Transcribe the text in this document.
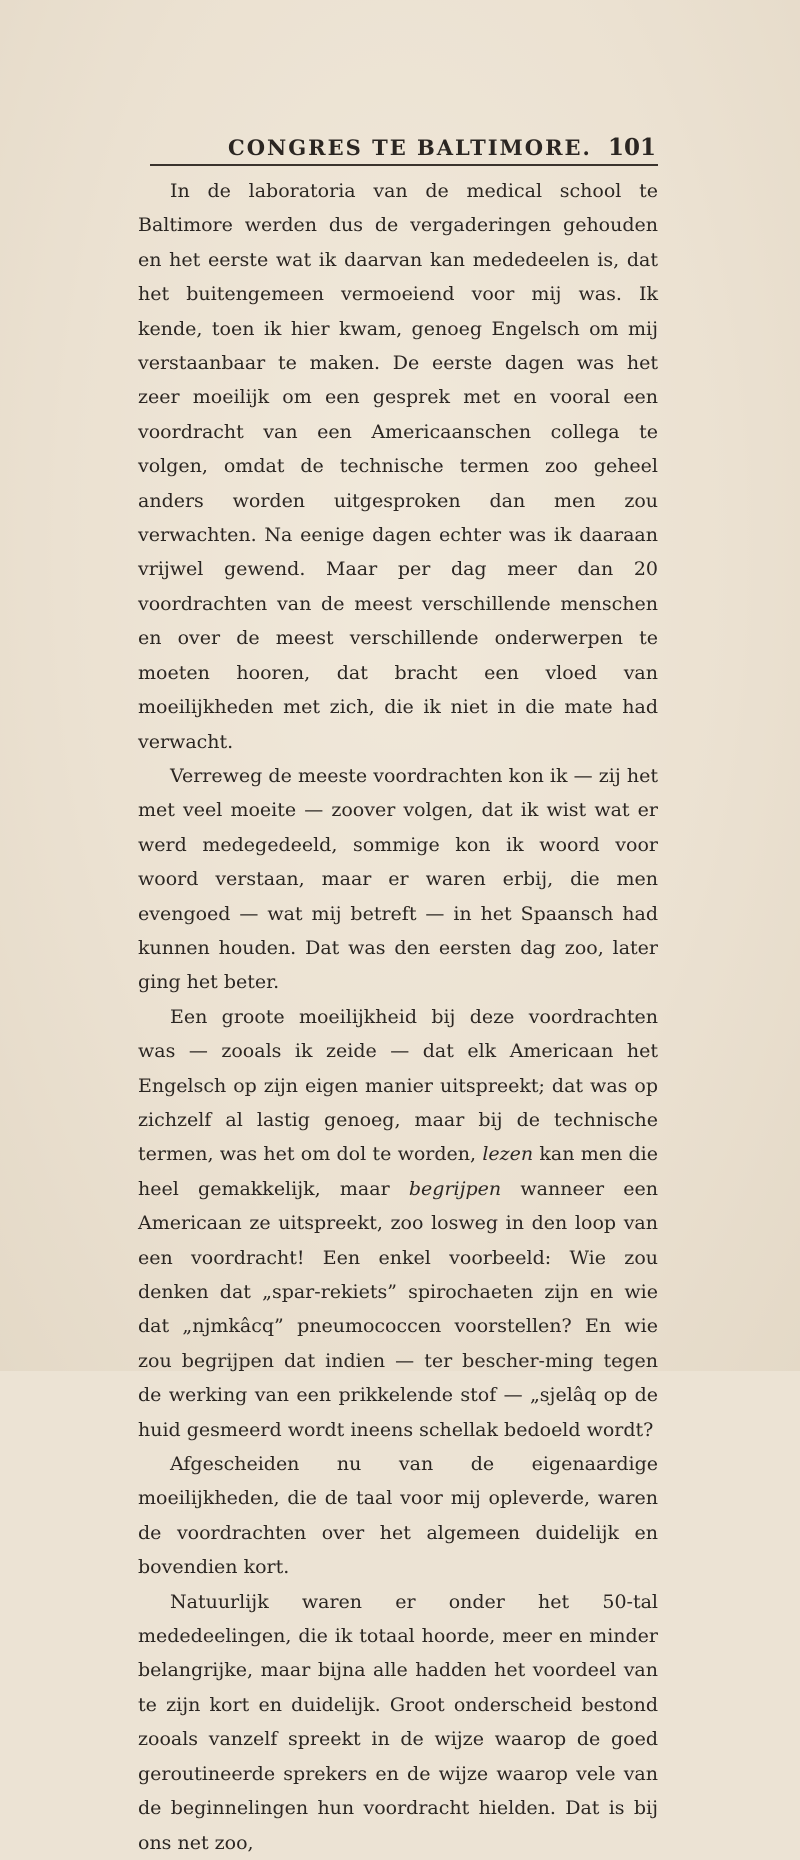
CONGRES TE BALTIMORE. 101

In de laboratoria van de medical school te Baltimore werden dus de vergaderingen gehouden en het eerste wat ik daarvan kan mededeelen is, dat het buitengemeen vermoeiend voor mij was. Ik kende, toen ik hier kwam, genoeg Engelsch om mij verstaanbaar te maken. De eerste dagen was het zeer moeilijk om een gesprek met en vooral een voordracht van een Americaanschen collega te volgen, omdat de technische termen zoo geheel anders worden uitgesproken dan men zou verwachten. Na eenige dagen echter was ik daaraan vrijwel gewend. Maar per dag meer dan 20 voordrachten van de meest verschillende menschen en over de meest verschillende onderwerpen te moeten hooren, dat bracht een vloed van moeilijkheden met zich, die ik niet in die mate had verwacht.

Verreweg de meeste voordrachten kon ik — zij het met veel moeite — zoover volgen, dat ik wist wat er werd medegedeeld, sommige kon ik woord voor woord verstaan, maar er waren erbij, die men evengoed — wat mij betreft — in het Spaansch had kunnen houden. Dat was den eersten dag zoo, later ging het beter.

Een groote moeilijkheid bij deze voordrachten was — zooals ik zeide — dat elk Americaan het Engelsch op zijn eigen manier uitspreekt; dat was op zichzelf al lastig genoeg, maar bij de technische termen, was het om dol te worden, lezen kan men die heel gemakkelijk, maar begrijpen wanneer een Americaan ze uitspreekt, zoo losweg in den loop van een voordracht! Een enkel voorbeeld: Wie zou denken dat „spar-rekiets” spirochaeten zijn en wie dat „njmkâcq” pneumococcen voorstellen? En wie zou begrijpen dat indien — ter bescher-ming tegen de werking van een prikkelende stof — „sjelâq op de huid gesmeerd wordt ineens schellak bedoeld wordt?

Afgescheiden nu van de eigenaardige moeilijkheden, die de taal voor mij opleverde, waren de voordrachten over het algemeen duidelijk en bovendien kort.

Natuurlijk waren er onder het 50-tal mededeelingen, die ik totaal hoorde, meer en minder belangrijke, maar bijna alle hadden het voordeel van te zijn kort en duidelijk. Groot onderscheid bestond zooals vanzelf spreekt in de wijze waarop de goed geroutineerde sprekers en de wijze waarop vele van de beginnelingen hun voordracht hielden. Dat is bij ons net zoo,
